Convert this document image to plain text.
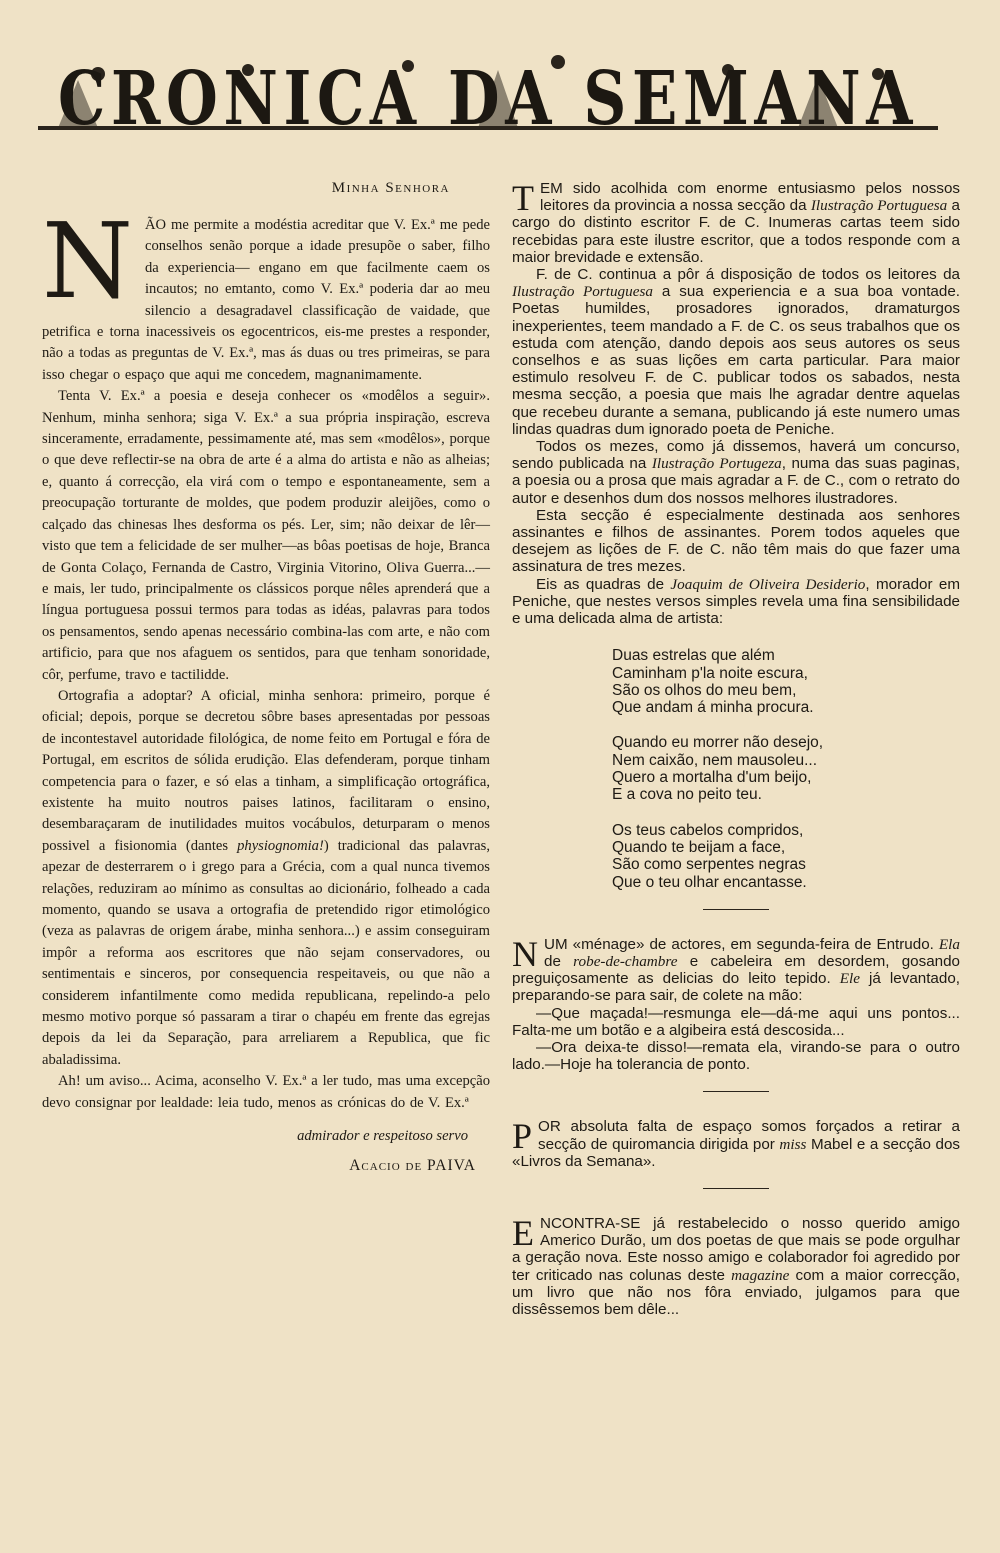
CRONICA DA SEMANA
Minha Senhora

NÃO me permite a modéstia acreditar que V. Ex.ª me pede conselhos senão porque a idade presupõe o saber, filho da experiencia— engano em que facilmente caem os incautos; no emtanto, como V. Ex.ª poderia dar ao meu silencio a desagradavel classificação de vaidade, que petrifica e torna inacessiveis os egocentricos, eis-me prestes a responder, não a todas as preguntas de V. Ex.ª, mas ás duas ou tres primeiras, se para isso chegar o espaço que aqui me concedem, magnanimamente.

Tenta V. Ex.ª a poesia e deseja conhecer os «modêlos a seguir». Nenhum, minha senhora; siga V. Ex.ª a sua própria inspiração, escreva sinceramente, erradamente, pessimamente até, mas sem «modêlos», porque o que deve reflectir-se na obra de arte é a alma do artista e não as alheias; e, quanto á correcção, ela virá com o tempo e espontaneamente, sem a preocupação torturante de moldes, que podem produzir aleijões, como o calçado das chinesas lhes desforma os pés. Ler, sim; não deixar de lêr—visto que tem a felicidade de ser mulher—as bôas poetisas de hoje, Branca de Gonta Colaço, Fernanda de Castro, Virginia Vitorino, Oliva Guerra...—e mais, ler tudo, principalmente os clássicos porque nêles aprenderá que a língua portuguesa possui termos para todas as idéas, palavras para todos os pensamentos, sendo apenas necessário combina-las com arte, e não com artificio, para que nos afaguem os sentidos, para que tenham sonoridade, côr, perfume, travo e tactilidde.

Ortografia a adoptar? A oficial, minha senhora: primeiro, porque é oficial; depois, porque se decretou sôbre bases apresentadas por pessoas de incontestavel autoridade filológica, de nome feito em Portugal e fóra de Portugal, em escritos de sólida erudição. Elas defenderam, porque tinham competencia para o fazer, e só elas a tinham, a simplificação ortográfica, existente ha muito noutros paises latinos, facilitaram o ensino, desembaraçaram de inutilidades muitos vocábulos, deturparam o menos possivel a fisionomia (dantes physiognomia!) tradicional das palavras, apezar de desterrarem o i grego para a Grécia, com a qual nunca tivemos relações, reduziram ao mínimo as consultas ao dicionário, folheado a cada momento, quando se usava a ortografia de pretendido rigor etimológico (veza as palavras de origem árabe, minha senhora...) e assim conseguiram impôr a reforma aos escritores que não sejam conservadores, ou sentimentais e sinceros, por consequencia respeitaveis, ou que não a considerem infantilmente como medida republicana, repelindo-a pelo mesmo motivo porque só passaram a tirar o chapéu em frente das egrejas depois da lei da Separação, para arreliarem a Republica, que fic abaladissima.

Ah! um aviso... Acima, aconselho V. Ex.ª a ler tudo, mas uma excepção devo consignar por lealdade: leia tudo, menos as crónicas do de V. Ex.ª

admirador e respeitoso servo
Acacio de PAIVA

TEM sido acolhida com enorme entusiasmo pelos nossos leitores da provincia a nossa secção da Ilustração Portuguesa a cargo do distinto escritor F. de C. Inumeras cartas teem sido recebidas para este ilustre escritor, que a todos responde com a maior brevidade e extensão.

F. de C. continua a pôr á disposição de todos os leitores da Ilustração Portuguesa a sua experiencia e a sua boa vontade. Poetas humildes, prosadores ignorados, dramaturgos inexperientes, teem mandado a F. de C. os seus trabalhos que os estuda com atenção, dando depois aos seus autores os seus conselhos e as suas lições em carta particular. Para maior estimulo resolveu F. de C. publicar todos os sabados, nesta mesma secção, a poesia que mais lhe agradar dentre aquelas que recebeu durante a semana, publicando já este numero umas lindas quadras dum ignorado poeta de Peniche.

Todos os mezes, como já dissemos, haverá um concurso, sendo publicada na Ilustração Portugeza, numa das suas paginas, a poesia ou a prosa que mais agradar a F. de C., com o retrato do autor e desenhos dum dos nossos melhores ilustradores.

Esta secção é especialmente destinada aos senhores assinantes e filhos de assinantes. Porem todos aqueles que desejem as lições de F. de C. não têm mais do que fazer uma assinatura de tres mezes.

Eis as quadras de Joaquim de Oliveira Desiderio, morador em Peniche, que nestes versos simples revela uma fina sensibilidade e uma delicada alma de artista:

Duas estrelas que além
Caminham p'la noite escura,
São os olhos do meu bem,
Que andam á minha procura.
Quando eu morrer não desejo,
Nem caixão, nem mausoleu...
Quero a mortalha d'um beijo,
E a cova no peito teu.
Os teus cabelos compridos,
Quando te beijam a face,
São como serpentes negras
Que o teu olhar encantasse.

NUM «ménage» de actores, em segunda-feira de Entrudo. Ela de robe-de-chambre e cabeleira em desordem, gosando preguiçosamente as delicias do leito tepido. Ele já levantado, preparando-se para sair, de colete na mão:

—Que maçada!—resmunga ele—dá-me aqui uns pontos... Falta-me um botão e a algibeira está descosida...

—Ora deixa-te disso!—remata ela, virando-se para o outro lado.—Hoje ha tolerancia de ponto.

POR absoluta falta de espaço somos forçados a retirar a secção de quiromancia dirigida por miss Mabel e a secção dos «Livros da Semana».

ENCONTRA-SE já restabelecido o nosso querido amigo Americo Durão, um dos poetas de que mais se pode orgulhar a geração nova. Este nosso amigo e colaborador foi agredido por ter criticado nas colunas deste magazine com a maior correcção, um livro que não nos fôra enviado, julgamos para que dissêssemos bem dêle...
